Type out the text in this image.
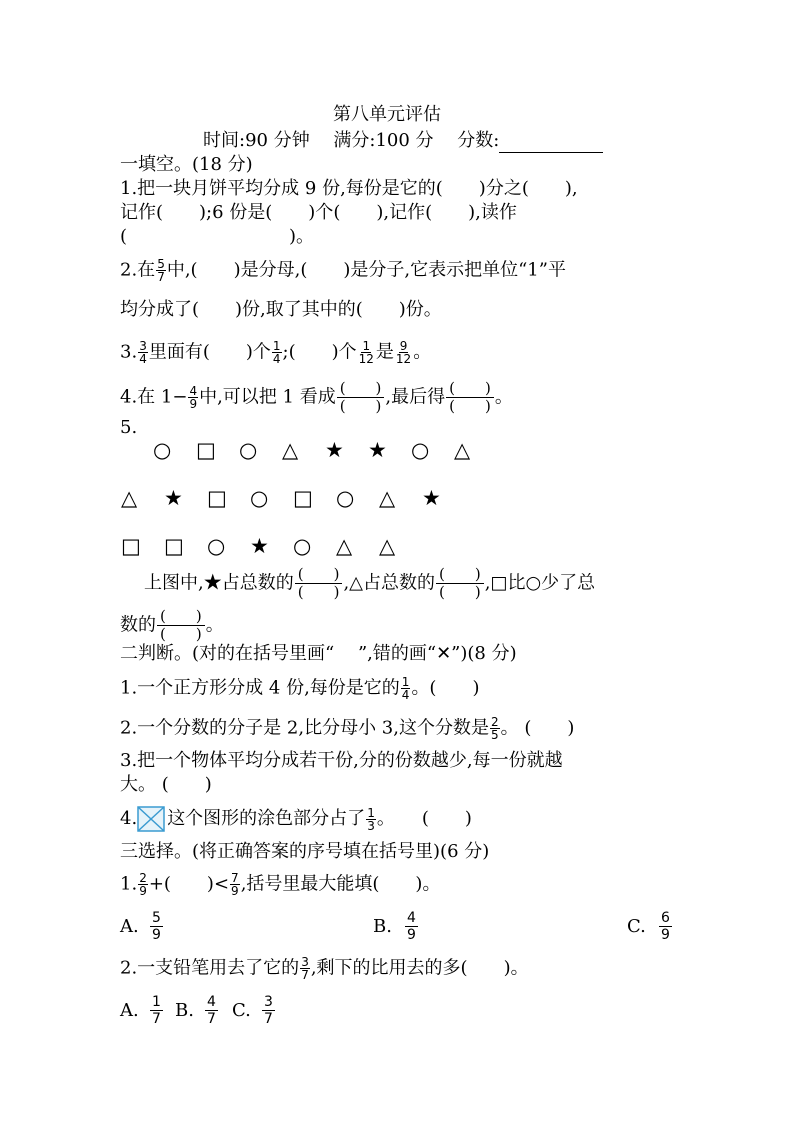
第八单元评估
时间:90 分钟　 满分:100 分　 分数:
一填空。(18 分)
1.把一块月饼平均分成 9 份,每份是它的(　　)分之(　　),
记作(　　);6 份是(　　)个(　　),记作(　　),读作
(　　　　　　　　　)。
2.在 $\frac{5}{7}$ 中,(　　)是分母,(　　)是分子,它表示把单位“1”平
均分成了(　　)份,取了其中的(　　)份。
3. $\frac{3}{4}$ 里面有(　　)个 $\frac{1}{4}$ ;(　　)个 $\frac{1}{12}$ 是 $\frac{9}{12}$ 。
4.在 $1- \frac{4}{9}$ 中,可以把 1 看成 (　　)
(　　) ,最后得 (　　)
(　　) 。
5.
○ □ ○ △ ★ ★ ○ △
△ ★ □ ○ □ ○ △ ★
□ □ ○ ★ ○ △ △
上图中,★占总数的 (　　)
(　　) ,△占总数的 (　　)
(　　) ,□比○少了总
数的 (　　)
(　　) 。
二判断。(对的在括号里画“　 ”,错的画“✕”)(8 分)
1.一个正方形分成 4 份,每份是它的 $\frac{1}{4}$ 。(　　)
2.一个分数的分子是 2,比分母小 3,这个分数是 $\frac{2}{5}$ 。 (　　)
3.把一个物体平均分成若干份,分的份数越少,每一份就越
大。 (　　)
4. 这个图形的涂色部分占了 $\frac{1}{3}$ 。　　(　　)
三选择。(将正确答案的序号填在括号里)(6 分)
1. $\frac{2}{9}$ +(　　)< $\frac{7}{9}$ ,括号里最大能填(　　)。
A. $\frac{5}{9}$	B. $\frac{4}{9}$	C. $\frac{6}{9}$
2.一支铅笔用去了它的 $\frac{3}{7}$ ,剩下的比用去的多(　　)。
A. $\frac{1}{7} B$. $\frac{4}{7} C$. $\frac{3}{7}$
